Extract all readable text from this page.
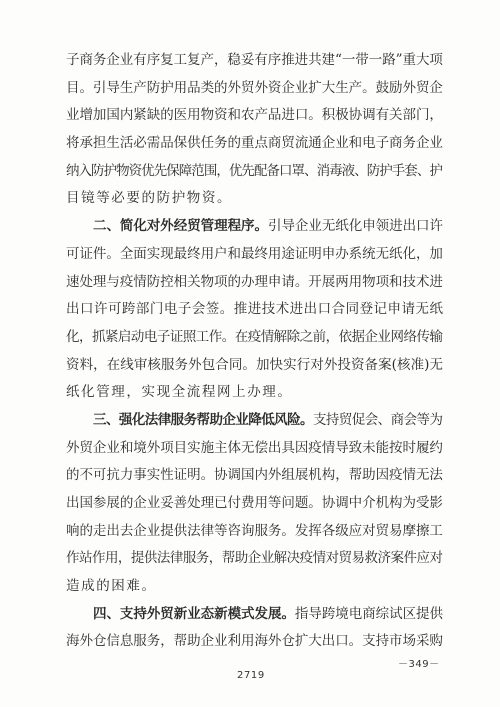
子商务企业有序复工复产，稳妥有序推进共建“一带一路”重大项
目。引导生产防护用品类的外贸外资企业扩大生产。鼓励外贸企
业增加国内紧缺的医用物资和农产品进口。积极协调有关部门，
将承担生活必需品保供任务的重点商贸流通企业和电子商务企业
纳入防护物资优先保障范围，优先配备口罩、消毒液、防护手套、护
目镜等必要的防护物资。
二、简化对外经贸管理程序。引导企业无纸化申领进出口许
可证件。全面实现最终用户和最终用途证明申办系统无纸化，加
速处理与疫情防控相关物项的办理申请。开展两用物项和技术进
出口许可跨部门电子会签。推进技术进出口合同登记申请无纸
化，抓紧启动电子证照工作。在疫情解除之前，依据企业网络传输
资料，在线审核服务外包合同。加快实行对外投资备案(核准)无
纸化管理，实现全流程网上办理。
三、强化法律服务帮助企业降低风险。支持贸促会、商会等为
外贸企业和境外项目实施主体无偿出具因疫情导致未能按时履约
的不可抗力事实性证明。协调国内外组展机构，帮助因疫情无法
出国参展的企业妥善处理已付费用等问题。协调中介机构为受影
响的走出去企业提供法律等咨询服务。发挥各级应对贸易摩擦工
作站作用，提供法律服务，帮助企业解决疫情对贸易救济案件应对
造成的困难。
四、支持外贸新业态新模式发展。指导跨境电商综试区提供
海外仓信息服务，帮助企业利用海外仓扩大出口。支持市场采购
－349－
2719
